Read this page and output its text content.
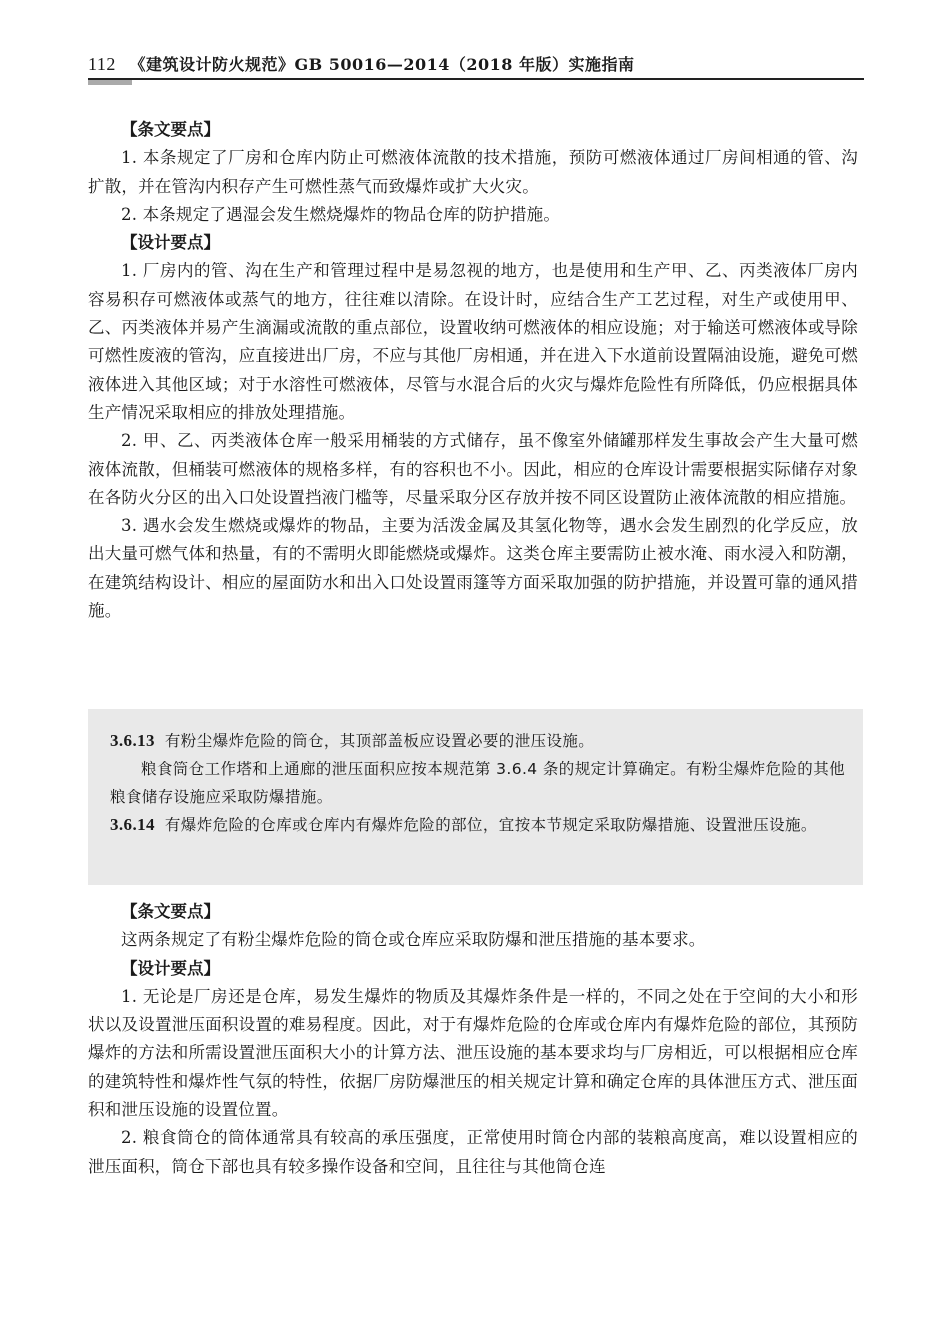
112 《建筑设计防火规范》GB 50016—2014（2018 年版）实施指南

【条文要点】

1. 本条规定了厂房和仓库内防止可燃液体流散的技术措施，预防可燃液体通过厂房间相通的管、沟扩散，并在管沟内积存产生可燃性蒸气而致爆炸或扩大火灾。

2. 本条规定了遇湿会发生燃烧爆炸的物品仓库的防护措施。

【设计要点】

1. 厂房内的管、沟在生产和管理过程中是易忽视的地方，也是使用和生产甲、乙、丙类液体厂房内容易积存可燃液体或蒸气的地方，往往难以清除。在设计时，应结合生产工艺过程，对生产或使用甲、乙、丙类液体并易产生滴漏或流散的重点部位，设置收纳可燃液体的相应设施；对于输送可燃液体或导除可燃性废液的管沟，应直接进出厂房，不应与其他厂房相通，并在进入下水道前设置隔油设施，避免可燃液体进入其他区域；对于水溶性可燃液体，尽管与水混合后的火灾与爆炸危险性有所降低，仍应根据具体生产情况采取相应的排放处理措施。

2. 甲、乙、丙类液体仓库一般采用桶装的方式储存，虽不像室外储罐那样发生事故会产生大量可燃液体流散，但桶装可燃液体的规格多样，有的容积也不小。因此，相应的仓库设计需要根据实际储存对象在各防火分区的出入口处设置挡液门槛等，尽量采取分区存放并按不同区设置防止液体流散的相应措施。

3. 遇水会发生燃烧或爆炸的物品，主要为活泼金属及其氢化物等，遇水会发生剧烈的化学反应，放出大量可燃气体和热量，有的不需明火即能燃烧或爆炸。这类仓库主要需防止被水淹、雨水浸入和防潮，在建筑结构设计、相应的屋面防水和出入口处设置雨篷等方面采取加强的防护措施，并设置可靠的通风措施。

3.6.13 有粉尘爆炸危险的筒仓，其顶部盖板应设置必要的泄压设施。

粮食筒仓工作塔和上通廊的泄压面积应按本规范第 3.6.4 条的规定计算确定。有粉尘爆炸危险的其他粮食储存设施应采取防爆措施。

3.6.14 有爆炸危险的仓库或仓库内有爆炸危险的部位，宜按本节规定采取防爆措施、设置泄压设施。

【条文要点】

这两条规定了有粉尘爆炸危险的筒仓或仓库应采取防爆和泄压措施的基本要求。

【设计要点】

1. 无论是厂房还是仓库，易发生爆炸的物质及其爆炸条件是一样的，不同之处在于空间的大小和形状以及设置泄压面积设置的难易程度。因此，对于有爆炸危险的仓库或仓库内有爆炸危险的部位，其预防爆炸的方法和所需设置泄压面积大小的计算方法、泄压设施的基本要求均与厂房相近，可以根据相应仓库的建筑特性和爆炸性气氛的特性，依据厂房防爆泄压的相关规定计算和确定仓库的具体泄压方式、泄压面积和泄压设施的设置位置。

2. 粮食筒仓的筒体通常具有较高的承压强度，正常使用时筒仓内部的装粮高度高，难以设置相应的泄压面积，筒仓下部也具有较多操作设备和空间，且往往与其他筒仓连
